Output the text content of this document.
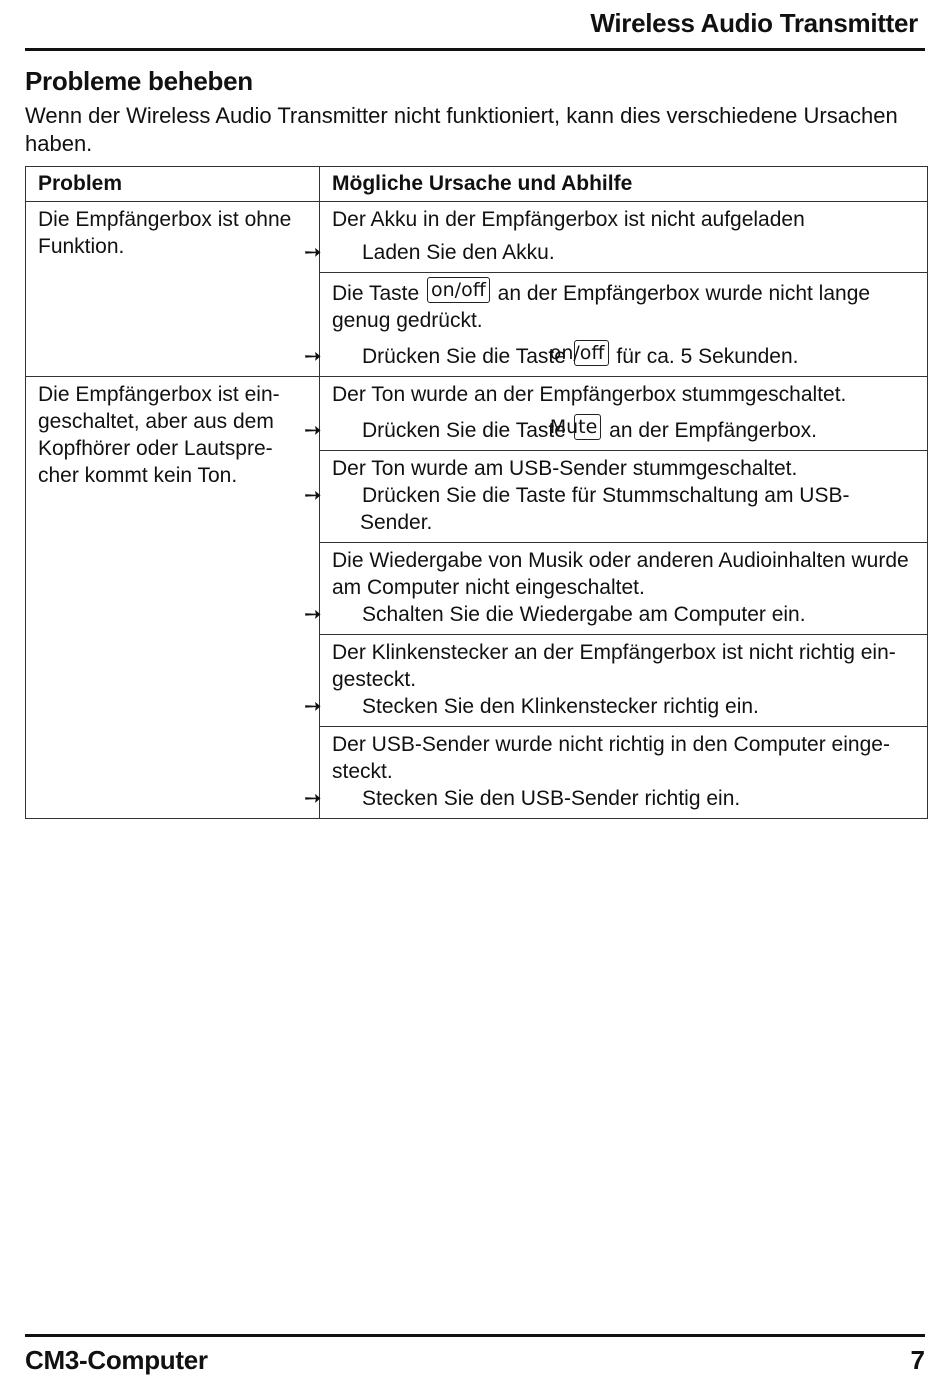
Wireless Audio Transmitter
Probleme beheben
Wenn der Wireless Audio Transmitter nicht funktioniert, kann dies verschiedene Ursachen haben.
Problem	Mögliche Ursache und Abhilfe
Die Empfängerbox ist ohne Funktion.	Der Akku in der Empfängerbox ist nicht aufgeladen
➙ Laden Sie den Akku.

	Die Taste on/off an der Empfängerbox wurde nicht lange genug gedrückt.
➙ Drücken Sie die Taste on/off für ca. 5 Sekunden.

Die Empfängerbox ist ein-geschaltet, aber aus dem Kopfhörer oder Lautspre-cher kommt kein Ton.	Der Ton wurde an der Empfängerbox stummgeschaltet.
➙ Drücken Sie die Taste Mute an der Empfängerbox.

	Der Ton wurde am USB-Sender stummgeschaltet.
➙ Drücken Sie die Taste für Stummschaltung am USB-Sender.

	Die Wiedergabe von Musik oder anderen Audioinhalten wurde am Computer nicht eingeschaltet.
➙ Schalten Sie die Wiedergabe am Computer ein.

	Der Klinkenstecker an der Empfängerbox ist nicht richtig ein-gesteckt.
➙ Stecken Sie den Klinkenstecker richtig ein.

	Der USB-Sender wurde nicht richtig in den Computer einge-steckt.
➙ Stecken Sie den USB-Sender richtig ein.
CM3-Computer	7
